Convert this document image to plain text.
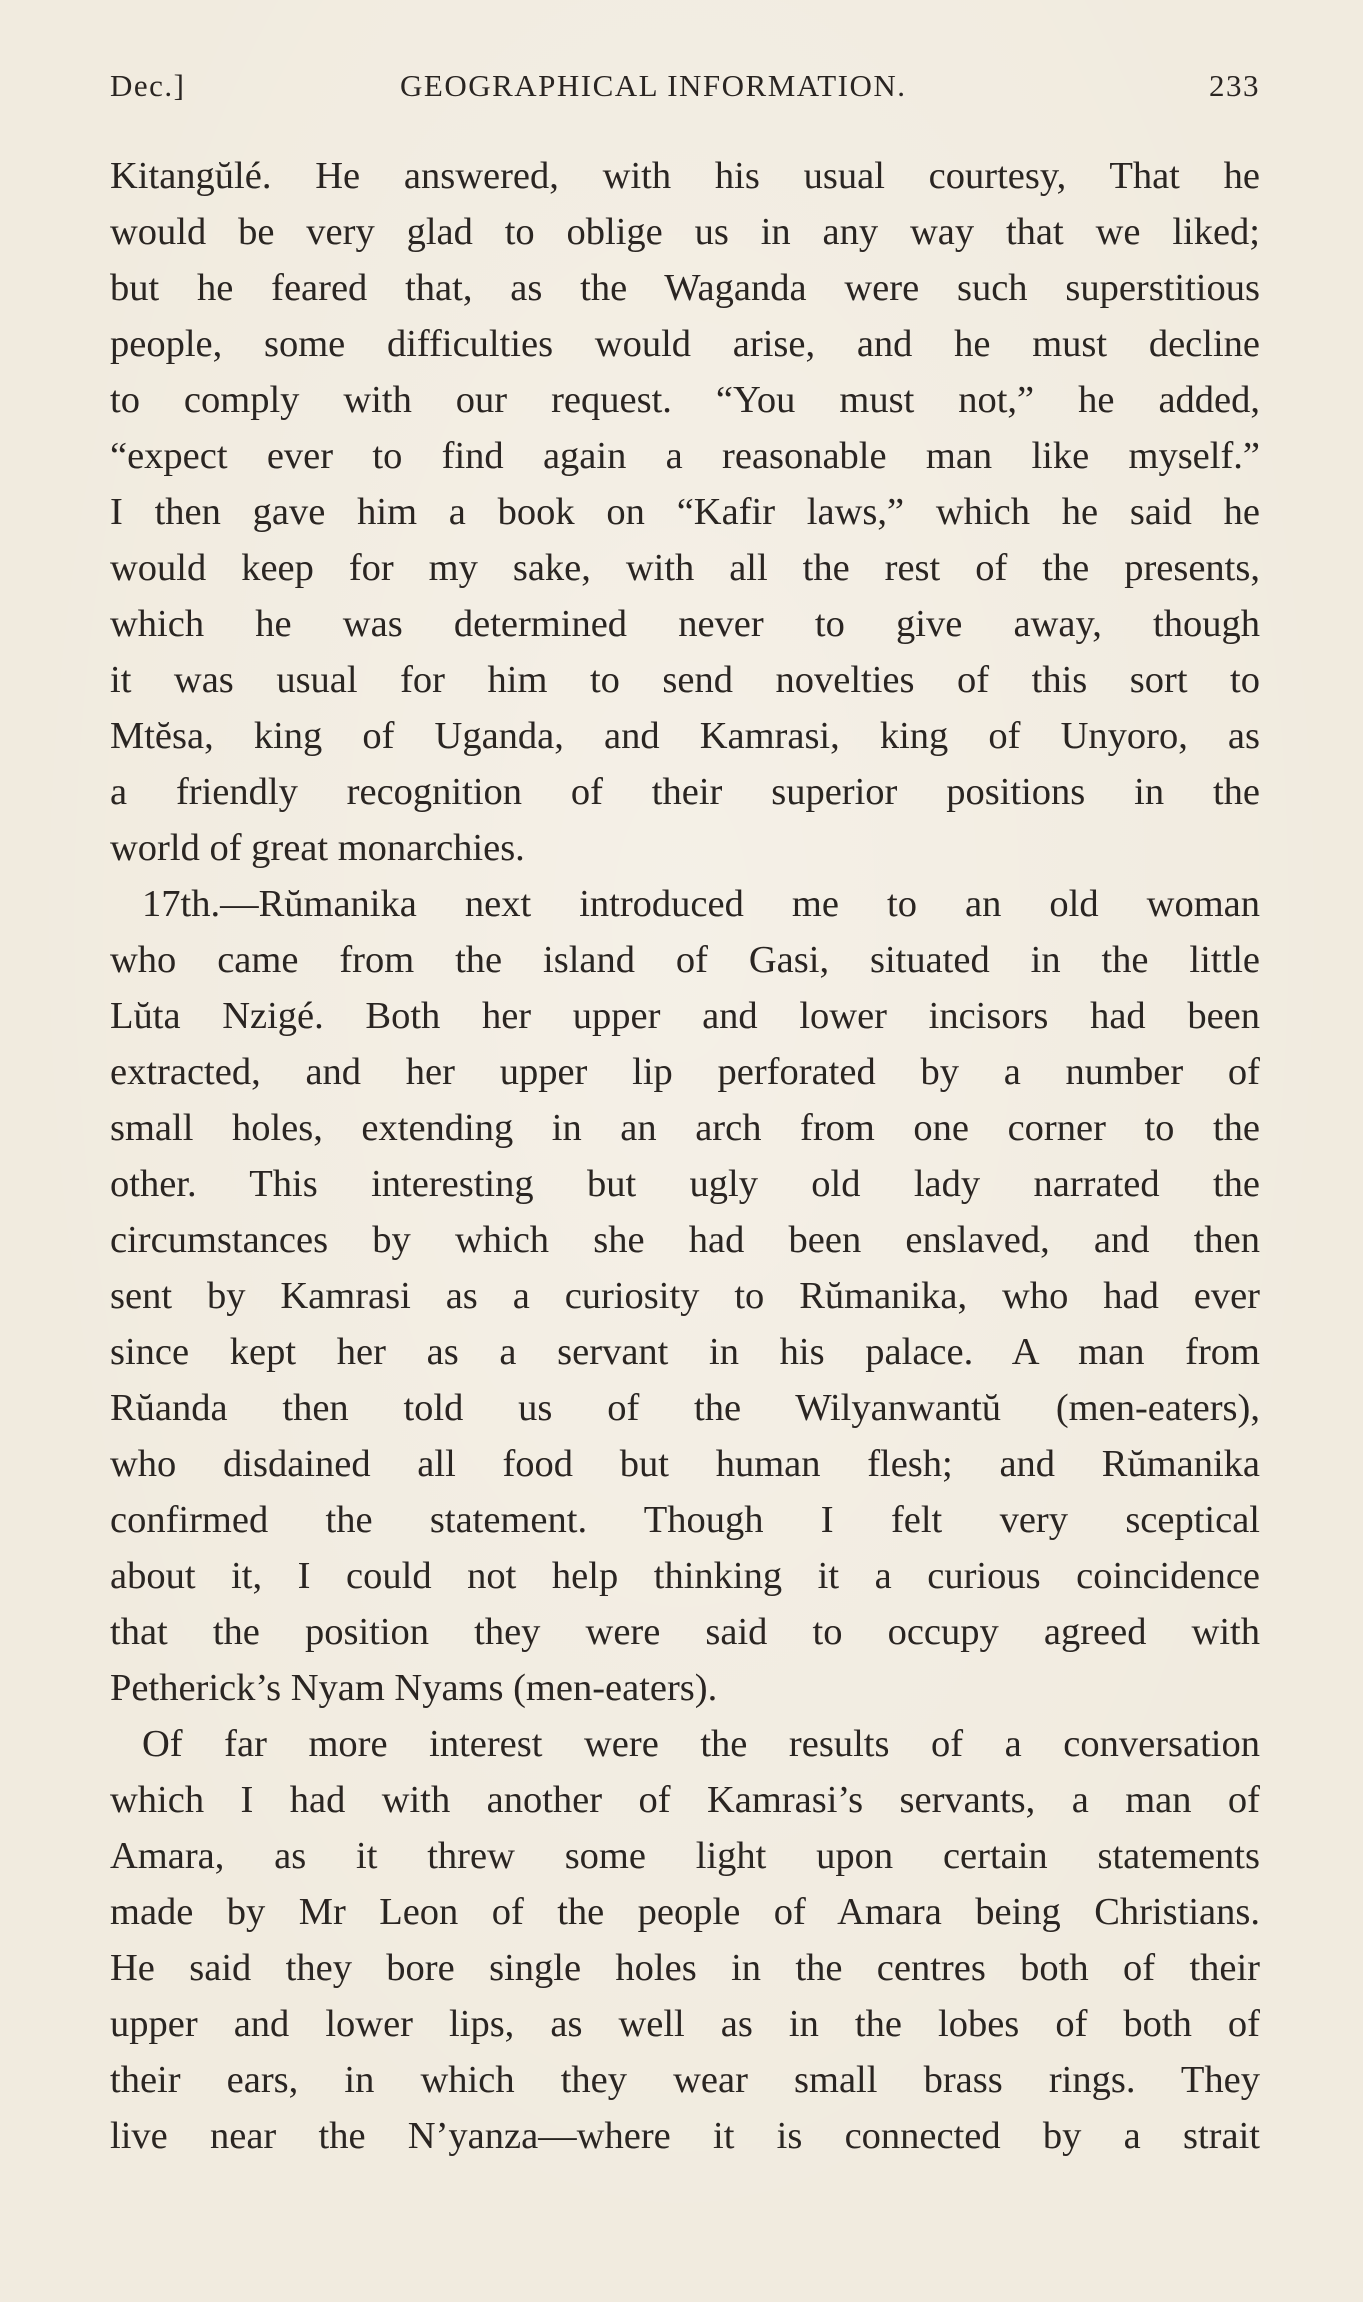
Dec.]	GEOGRAPHICAL INFORMATION.	233
Kitangŭlé. He answered, with his usual courtesy, That he
would be very glad to oblige us in any way that we liked;
but he feared that, as the Waganda were such superstitious
people, some difficulties would arise, and he must decline
to comply with our request. “You must not,” he added,
“expect ever to find again a reasonable man like myself.”
I then gave him a book on “Kafir laws,” which he said he
would keep for my sake, with all the rest of the presents,
which he was determined never to give away, though
it was usual for him to send novelties of this sort to
Mtĕsa, king of Uganda, and Kamrasi, king of Unyoro, as
a friendly recognition of their superior positions in the
world of great monarchies.
17th.—Rŭmanika next introduced me to an old woman
who came from the island of Gasi, situated in the little
Lŭta Nzigé. Both her upper and lower incisors had been
extracted, and her upper lip perforated by a number of
small holes, extending in an arch from one corner to the
other. This interesting but ugly old lady narrated the
circumstances by which she had been enslaved, and then
sent by Kamrasi as a curiosity to Rŭmanika, who had ever
since kept her as a servant in his palace. A man from
Rŭanda then told us of the Wilyanwantŭ (men-eaters),
who disdained all food but human flesh; and Rŭmanika
confirmed the statement. Though I felt very sceptical
about it, I could not help thinking it a curious coincidence
that the position they were said to occupy agreed with
Petherick’s Nyam Nyams (men-eaters).
Of far more interest were the results of a conversation
which I had with another of Kamrasi’s servants, a man of
Amara, as it threw some light upon certain statements
made by Mr Leon of the people of Amara being Christians.
He said they bore single holes in the centres both of their
upper and lower lips, as well as in the lobes of both of
their ears, in which they wear small brass rings. They
live near the N’yanza—where it is connected by a strait
